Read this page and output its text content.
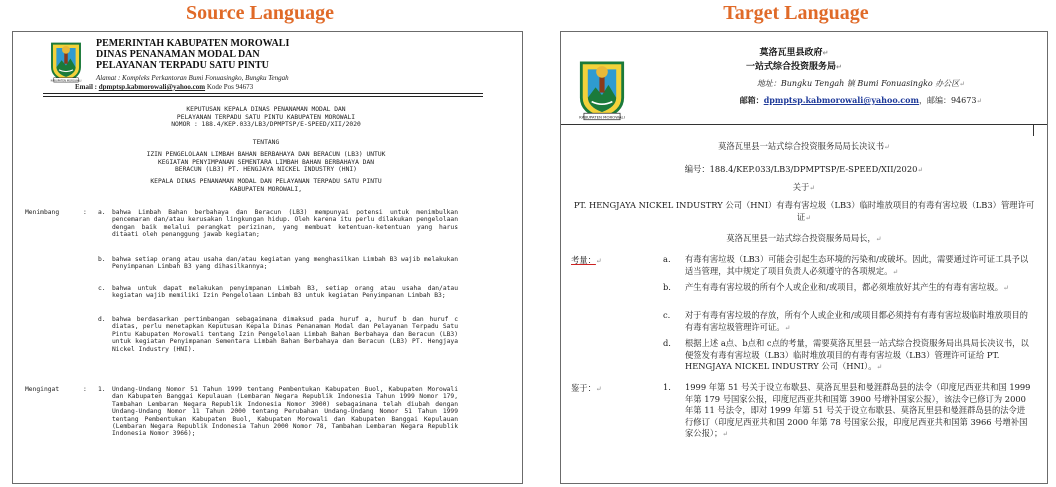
Source Language	Target Language
KABUPATEN MOROWALI
PEMERINTAH KABUPATEN MOROWALI
DINAS PENANAMAN MODAL DAN
PELAYANAN TERPADU SATU PINTU
Alamat : Kompleks Perkantoran Bumi Fonuasingko, Bungku Tengah
Email : dpmptsp.kabmorowali@yahoo.com Kode Pos 94673
KEPUTUSAN KEPALA DINAS PENANAMAN MODAL DAN
PELAYANAN TERPADU SATU PINTU KABUPATEN MOROWALI
NOMOR : 188.4/KEP.033/LB3/DPMPTSP/E-SPEED/XII/2020
TENTANG
IZIN PENGELOLAAN LIMBAH BAHAN BERBAHAYA DAN BERACUN (LB3) UNTUK
KEGIATAN PENYIMPANAN SEMENTARA LIMBAH BAHAN BERBAHAYA DAN
BERACUN (LB3) PT. HENGJAYA NICKEL INDUSTRY (HNI)
KEPALA DINAS PENANAMAN MODAL DAN PELAYANAN TERPADU SATU PINTU
KABUPATEN MOROWALI,
Menimbang	: a. bahwa Limbah Bahan berbahaya dan Beracun (LB3) mempunyai potensi untuk menimbulkan pencemaran dan/atau kerusakan lingkungan hidup. Oleh karena itu perlu dilakukan pengelolaan dengan baik melalui perangkat perizinan, yang membuat ketentuan-ketentuan yang harus ditaati oleh penanggung jawab kegiatan;
b. bahwa setiap orang atau usaha dan/atau kegiatan yang menghasilkan Limbah B3 wajib melakukan Penyimpanan Limbah B3 yang dihasilkannya;
c. bahwa untuk dapat melakukan penyimpanan Limbah B3, setiap orang atau usaha dan/atau kegiatan wajib memiliki Izin Pengelolaan Limbah B3 untuk kegiatan Penyimpanan Limbah B3;
d. bahwa berdasarkan pertimbangan sebagaimana dimaksud pada huruf a, huruf b dan huruf c diatas, perlu menetapkan Keputusan Kepala Dinas Penanaman Modal dan Pelayanan Terpadu Satu Pintu Kabupaten Morowali tentang Izin Pengelolaan Limbah Bahan Berbahaya dan Beracun (LB3) untuk kegiatan Penyimpanan Sementara Limbah Bahan Berbahaya dan Beracun (LB3) PT. Hengjaya Nickel Industry (HNI).
Mengingat	: 1. Undang-Undang Nomor 51 Tahun 1999 tentang Pembentukan Kabupaten Buol, Kabupaten Morowali dan Kabupaten Banggai Kepulauan (Lembaran Negara Republik Indonesia Tahun 1999 Nomor 179, Tambahan Lembaran Negara Republik Indonesia Nomor 3900) sebagaimana telah diubah dengan Undang-Undang Nomor 11 Tahun 2000 tentang Perubahan Undang-Undang Nomor 51 Tahun 1999 tentang Pembentukan Kabupaten Buol, Kabupaten Morowali dan Kabupaten Banggai Kepulauan (Lembaran Negara Republik Indonesia Tahun 2000 Nomor 78, Tambahan Lembaran Negara Republik Indonesia Nomor 3966);
KABUPATEN MOROWALI
莫洛瓦里县政府↵
一站式综合投资服务局↵
地址：Bungku Tengah 镇 Bumi Fonuasingko 办公区↵
邮箱：dpmptsp.kabmorowali@yahoo.com，邮编：94673↵
莫洛瓦里县一站式综合投资服务局局长决议书↵
编号：188.4/KEP.033/LB3/DPMPTSP/E-SPEED/XII/2020↵
关于↵
PT. HENGJAYA NICKEL INDUSTRY 公司（HNI）有毒有害垃圾（LB3）临时堆放项目的有毒有害垃圾（LB3）管理许可证↵
莫洛瓦里县一站式综合投资服务局局长，↵
考量：↵	a. 有毒有害垃圾（LB3）可能会引起生态环境的污染和/或破坏。因此，需要通过许可证工具予以适当管理，其中规定了项目负责人必须遵守的各项规定。↵
b. 产生有毒有害垃圾的所有个人或企业和/或项目，都必须堆放好其产生的有毒有害垃圾。↵
c. 对于有毒有害垃圾的存放，所有个人或企业和/或项目都必须持有有毒有害垃圾临时堆放项目的有毒有害垃圾管理许可证。↵
d. 根据上述 a点、b点和 c点的考量，需要莫洛瓦里县一站式综合投资服务局出具局长决议书，以便签发有毒有害垃圾（LB3）临时堆放项目的有毒有害垃圾（LB3）管理许可证给 PT. HENGJAYA NICKEL INDUSTRY 公司（HNI）。↵
鉴于：↵	1. 1999 年第 51 号关于设立布歇县、莫洛瓦里县和曼涯群岛县的法令（印度尼西亚共和国 1999 年第 179 号国家公报，印度尼西亚共和国第 3900 号增补国家公报），该法令已修订为 2000 年第 11 号法令，即对 1999 年第 51 号关于设立布歇县、莫洛瓦里县和曼涯群岛县的法令进行修订（印度尼西亚共和国 2000 年第 78 号国家公报，印度尼西亚共和国第 3966 号增补国家公报）；↵
